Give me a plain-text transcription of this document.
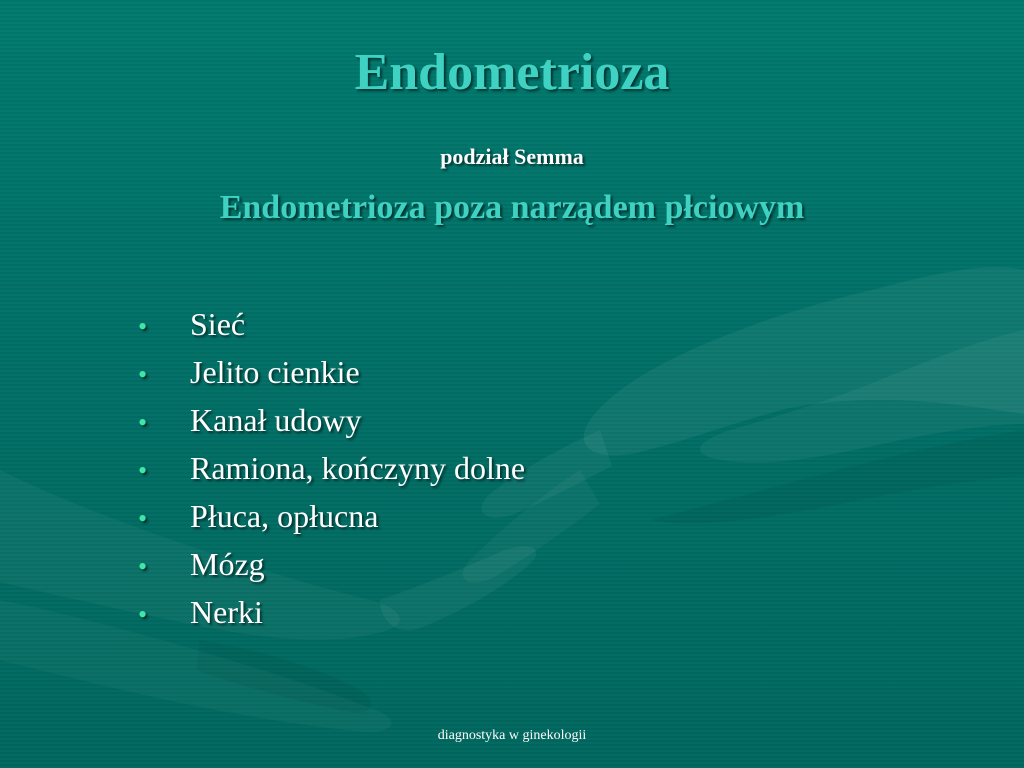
Endometrioza
podział Semma
Endometrioza poza narządem płciowym
•	Sieć
•	Jelito cienkie
•	Kanał udowy
•	Ramiona, kończyny dolne
•	Płuca, opłucna
•	Mózg
•	Nerki
diagnostyka w ginekologii
